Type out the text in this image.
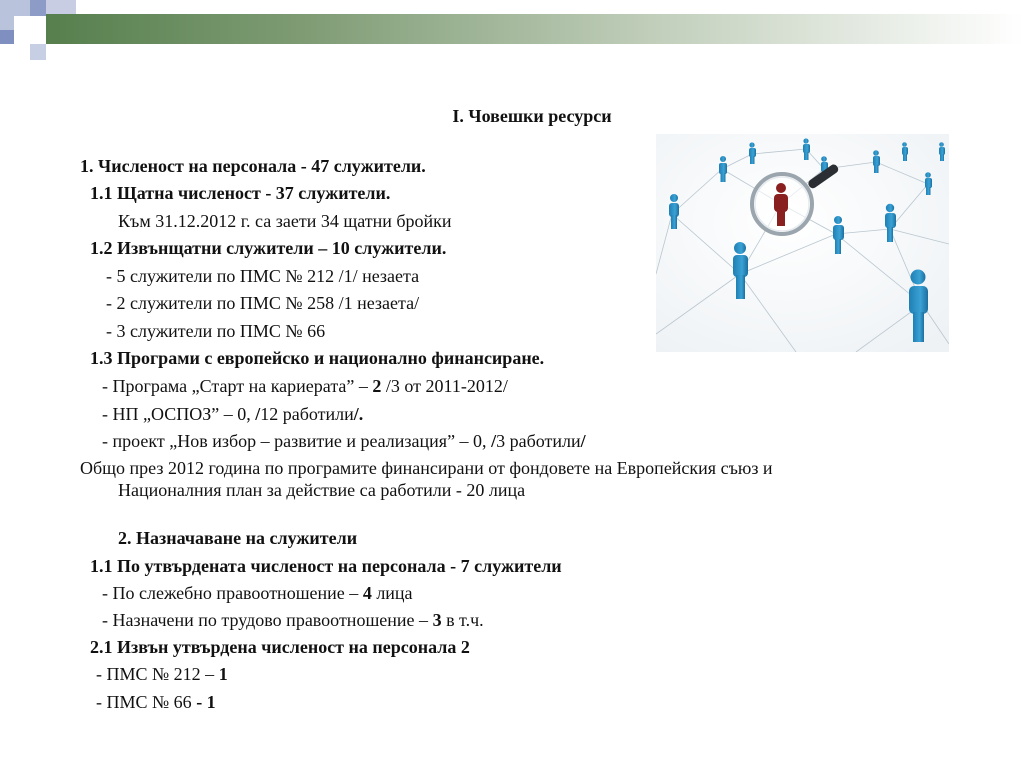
I. Човешки ресурси
1. Численост на персонала - 47 служители.
1.1 Щатна численост - 37 служители.
Към 31.12.2012 г. са заети 34 щатни бройки
1.2 Извънщатни служители – 10 служители.
- 5 служители по ПМС № 212 /1/ незаета
- 2 служители по ПМС № 258 /1 незаета/
- 3 служители по ПМС № 66
1.3 Програми с европейско и национално финансиране.
- Програма „Старт на кариерата” – 2 /3 от 2011-2012/
- НП „ОСПОЗ” – 0, /12 работили/.
- проект „Нов избор – развитие и реализация” – 0, /3 работили/
Общо през 2012 година по програмите финансирани от фондовете на Европейския съюз и
Националния план за действие са работили - 20 лица
2. Назначаване на служители
1.1 По утвърдената численост на персонала - 7 служители
- По слежебно правоотношение – 4 лица
- Назначени по трудово правоотношение – 3 в т.ч.
2.1 Извън утвърдена численост на персонала 2
- ПМС № 212 – 1
- ПМС № 66 - 1
